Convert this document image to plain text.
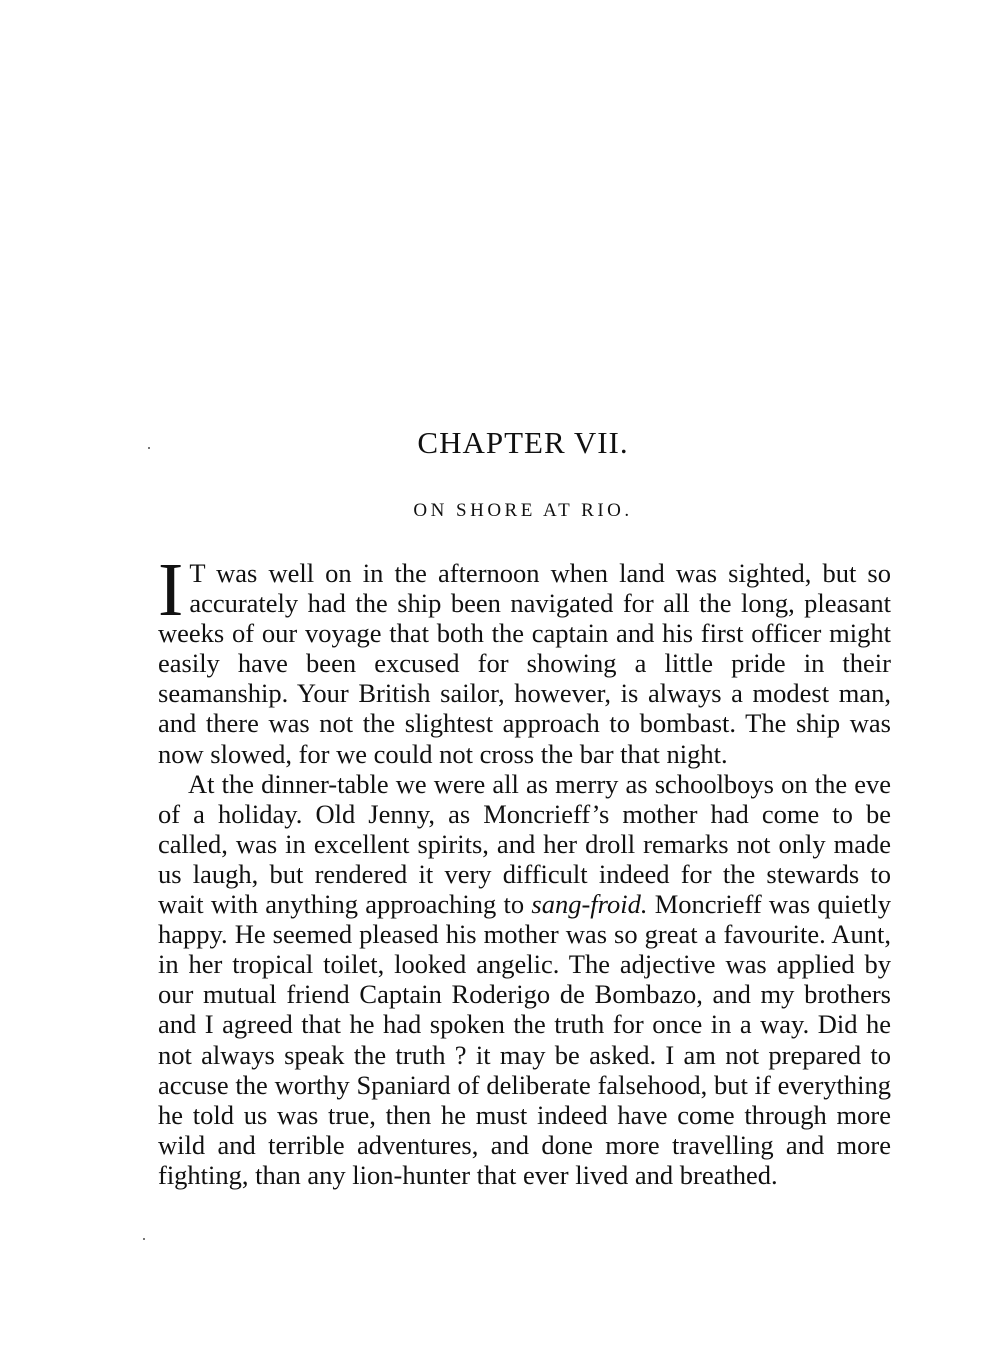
CHAPTER VII.
ON SHORE AT RIO.

I T was well on in the afternoon when land was sighted, but so accurately had the ship been navigated for all the long, pleasant weeks of our voyage that both the captain and his first officer might easily have been excused for showing a little pride in their seamanship. Your British sailor, however, is always a modest man, and there was not the slightest approach to bombast. The ship was now slowed, for we could not cross the bar that night.

At the dinner-table we were all as merry as schoolboys on the eve of a holiday. Old Jenny, as Moncrieff’s mother had come to be called, was in excellent spirits, and her droll remarks not only made us laugh, but rendered it very difficult indeed for the stewards to wait with anything approaching to sang-froid. Moncrieff was quietly happy. He seemed pleased his mother was so great a favourite. Aunt, in her tropical toilet, looked angelic. The adjective was applied by our mutual friend Captain Roderigo de Bombazo, and my brothers and I agreed that he had spoken the truth for once in a way. Did he not always speak the truth ? it may be asked. I am not prepared to accuse the worthy Spaniard of deliberate falsehood, but if everything he told us was true, then he must indeed have come through more wild and terrible adventures, and done more travelling and more fighting, than any lion-hunter that ever lived and breathed.
